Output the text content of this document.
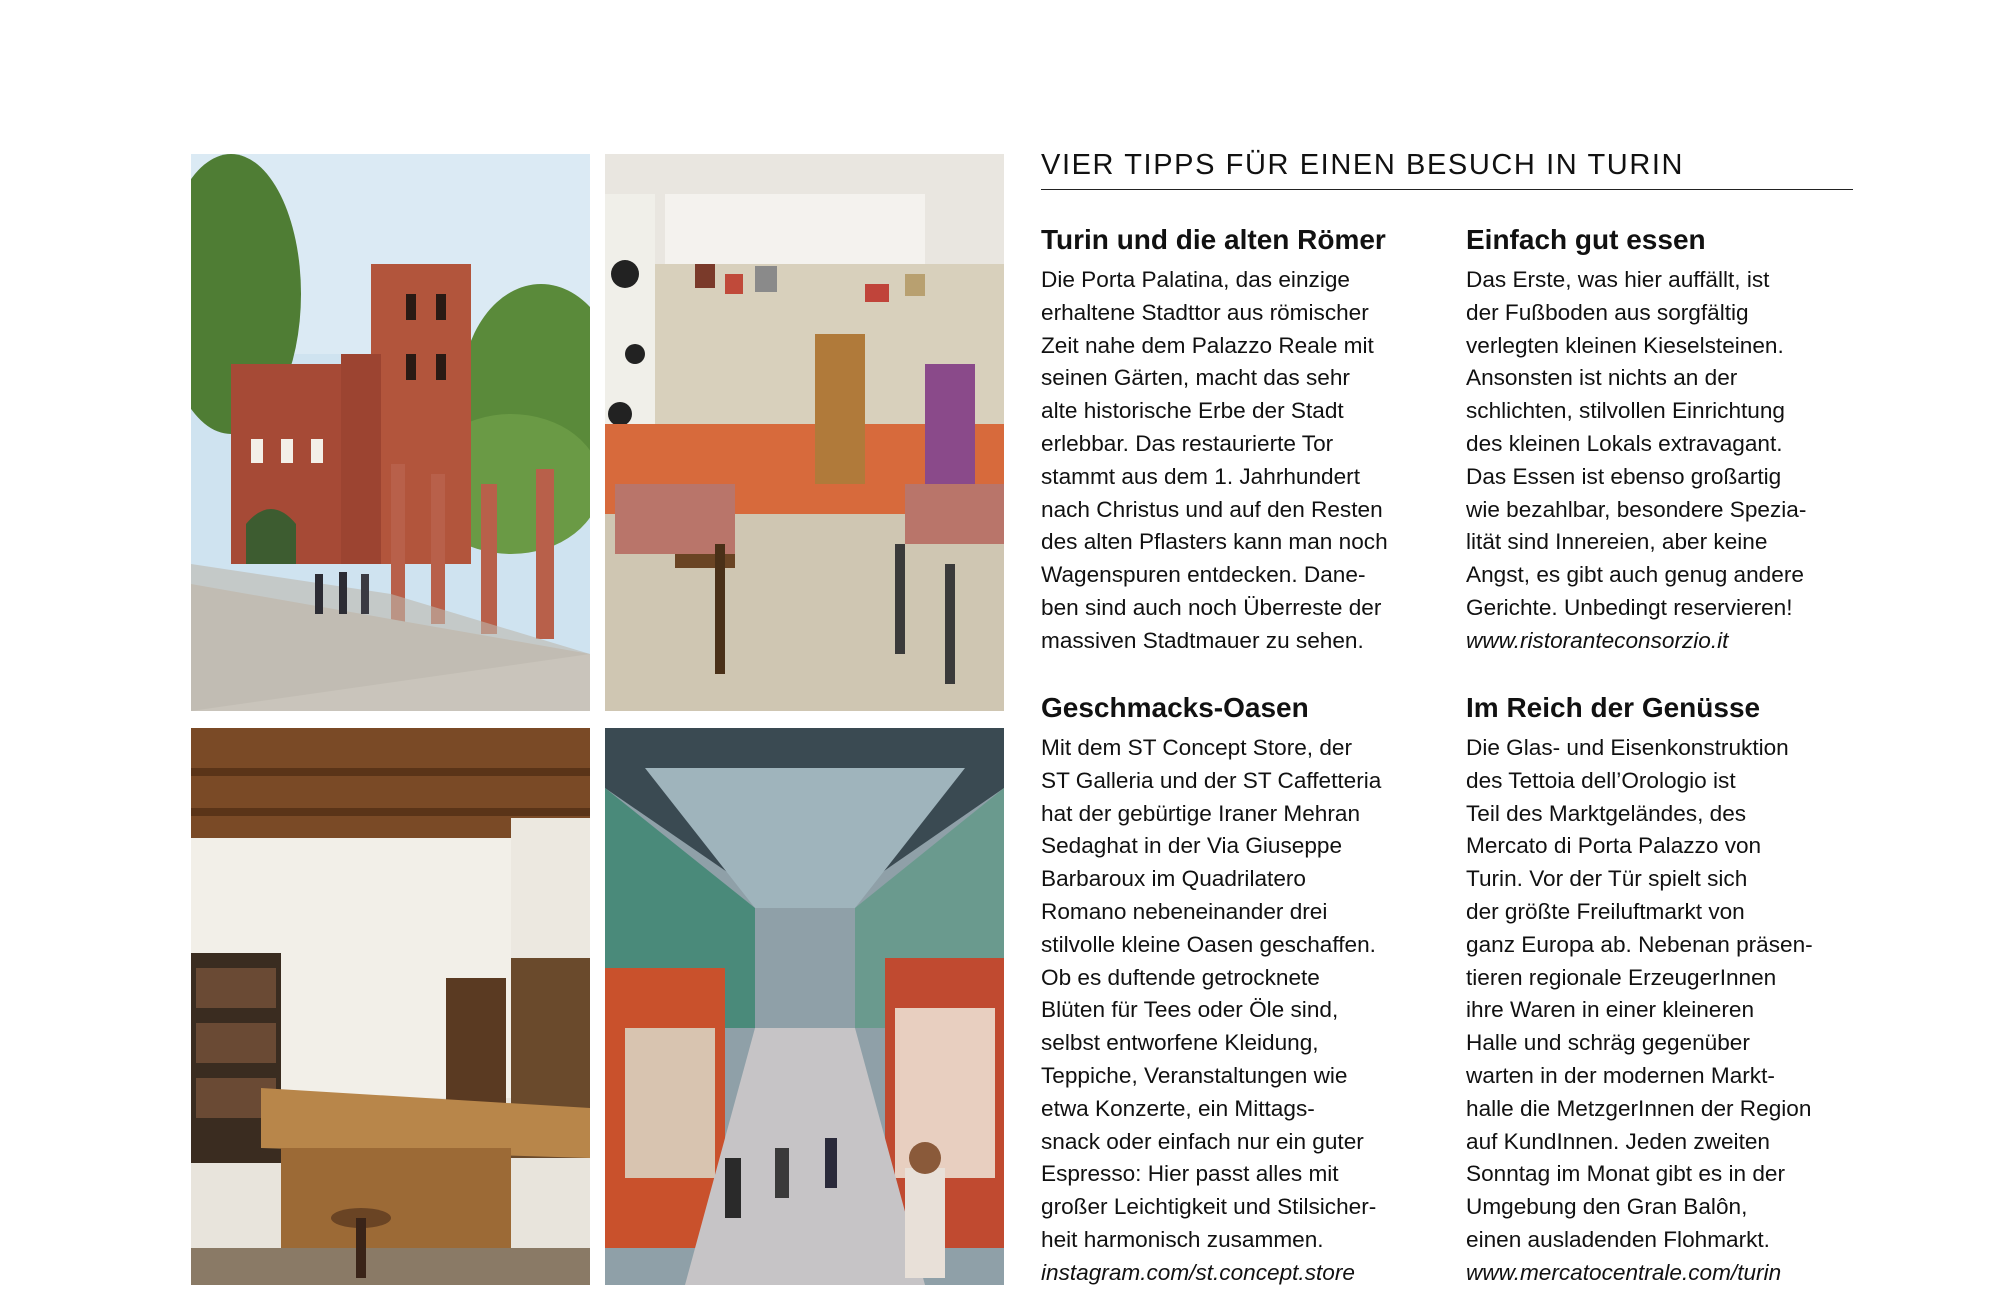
VIER TIPPS FÜR EINEN BESUCH IN TURIN
Turin und die alten Römer

Die Porta Palatina, das einzige
erhaltene Stadttor aus römischer
Zeit nahe dem Palazzo Reale mit
seinen Gärten, macht das sehr
alte historische Erbe der Stadt
erlebbar. Das restaurierte Tor
stammt aus dem 1. Jahrhundert
nach Christus und auf den Resten
des alten Pflasters kann man noch
Wagenspuren entdecken. Dane-
ben sind auch noch Überreste der
massiven Stadtmauer zu sehen.

Einfach gut essen

Das Erste, was hier auffällt, ist
der Fußboden aus sorgfältig
verlegten kleinen Kieselsteinen.
Ansonsten ist nichts an der
schlichten, stilvollen Einrichtung
des kleinen Lokals extravagant.
Das Essen ist ebenso großartig
wie bezahlbar, besondere Spezia-
lität sind Innereien, aber keine
Angst, es gibt auch genug andere
Gerichte. Unbedingt reservieren!

www.ristoranteconsorzio.it
Geschmacks-Oasen

Mit dem ST Concept Store, der
ST Galleria und der ST Caffetteria
hat der gebürtige Iraner Mehran
Sedaghat in der Via Giuseppe
Barbaroux im Quadrilatero
Romano nebeneinander drei
stilvolle kleine Oasen geschaffen.
Ob es duftende getrocknete
Blüten für Tees oder Öle sind,
selbst entworfene Kleidung,
Teppiche, Veranstaltungen wie
etwa Konzerte, ein Mittags-
snack oder einfach nur ein guter
Espresso: Hier passt alles mit
großer Leichtigkeit und Stilsicher-
heit harmonisch zusammen.

instagram.com/st.concept.store
Im Reich der Genüsse

Die Glas- und Eisenkonstruktion
des Tettoia dell’Orologio ist
Teil des Marktgeländes, des
Mercato di Porta Palazzo von
Turin. Vor der Tür spielt sich
der größte Freiluftmarkt von
ganz Europa ab. Nebenan präsen-
tieren regionale ErzeugerInnen
ihre Waren in einer kleineren
Halle und schräg gegenüber
warten in der modernen Markt-
halle die MetzgerInnen der Region
auf KundInnen. Jeden zweiten
Sonntag im Monat gibt es in der
Umgebung den Gran Balôn,
einen ausladenden Flohmarkt.

www.mercatocentrale.com/turin
